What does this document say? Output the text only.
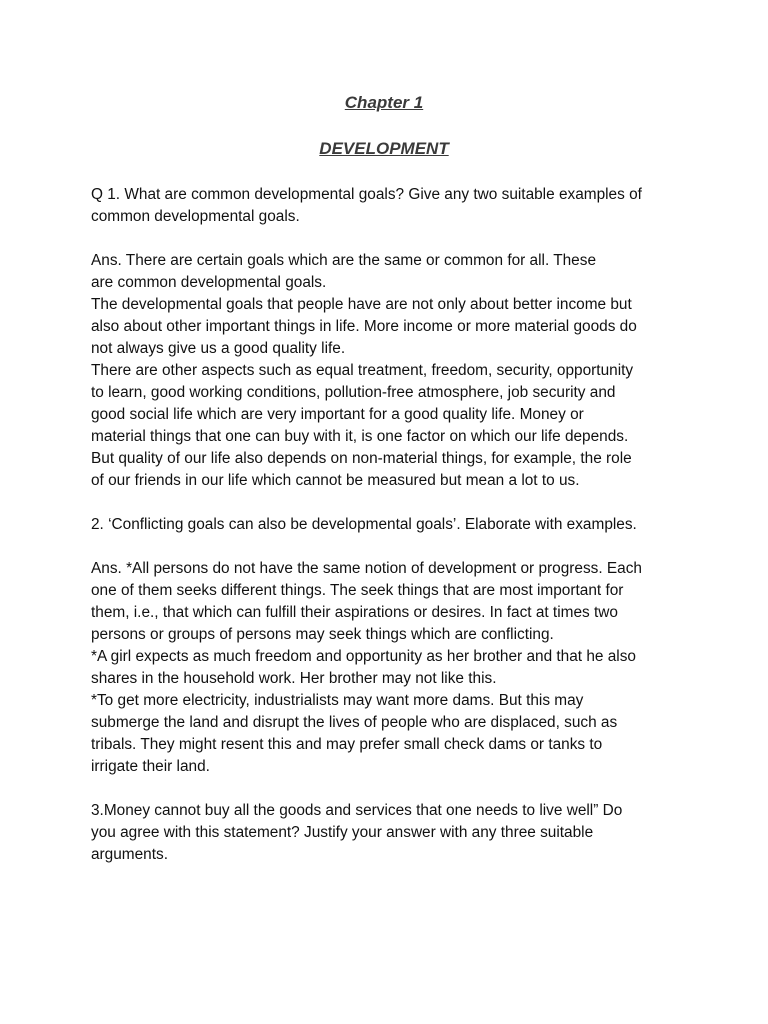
Chapter 1
DEVELOPMENT

Q 1. What are common developmental goals? Give any two suitable examples of
common developmental goals.

Ans. There are certain goals which are the same or common for all. These
are common developmental goals.

The developmental goals that people have are not only about better income but
also about other important things in life. More income or more material goods do
not always give us a good quality life.

There are other aspects such as equal treatment, freedom, security, opportunity
to learn, good working conditions, pollution-free atmosphere, job security and
good social life which are very important for a good quality life. Money or
material things that one can buy with it, is one factor on which our life depends.
But quality of our life also depends on non-material things, for example, the role
of our friends in our life which cannot be measured but mean a lot to us.

2. ‘Conflicting goals can also be developmental goals’. Elaborate with examples.

Ans. *All persons do not have the same notion of development or progress. Each
one of them seeks different things. The seek things that are most important for
them, i.e., that which can fulfill their aspirations or desires. In fact at times two
persons or groups of persons may seek things which are conflicting.

*A girl expects as much freedom and opportunity as her brother and that he also
shares in the household work. Her brother may not like this.

*To get more electricity, industrialists may want more dams. But this may
submerge the land and disrupt the lives of people who are displaced, such as
tribals. They might resent this and may prefer small check dams or tanks to
irrigate their land.

3.Money cannot buy all the goods and services that one needs to live well” Do
you agree with this statement? Justify your answer with any three suitable
arguments.
